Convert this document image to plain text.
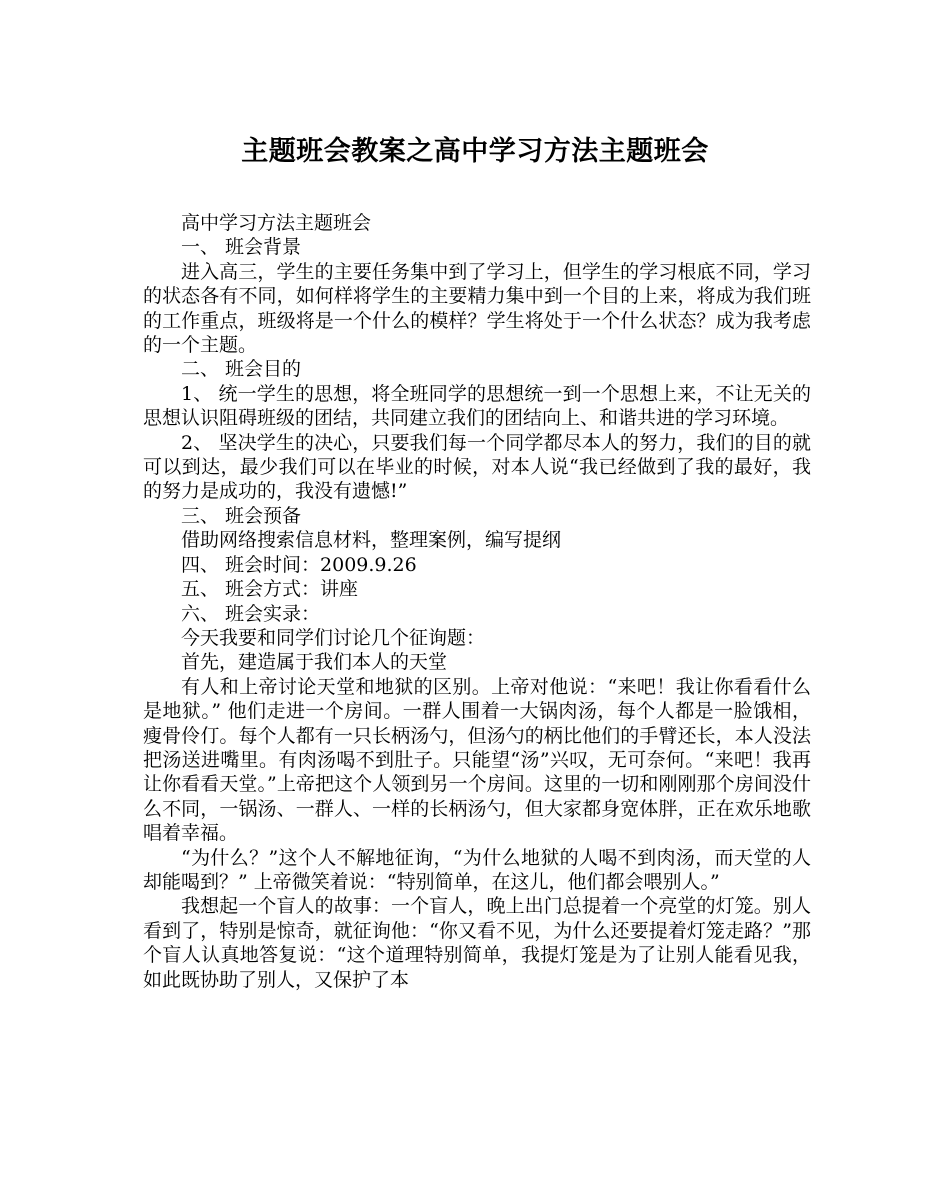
主题班会教案之高中学习方法主题班会

高中学习方法主题班会

一、 班会背景

进入高三，学生的主要任务集中到了学习上，但学生的学习根底不同，学习的状态各有不同，如何样将学生的主要精力集中到一个目的上来，将成为我们班的工作重点，班级将是一个什么的模样？学生将处于一个什么状态？成为我考虑的一个主题。

二、 班会目的

1、 统一学生的思想，将全班同学的思想统一到一个思想上来，不让无关的思想认识阻碍班级的团结，共同建立我们的团结向上、和谐共进的学习环境。

2、 坚决学生的决心，只要我们每一个同学都尽本人的努力，我们的目的就可以到达，最少我们可以在毕业的时候，对本人说“我已经做到了我的最好，我的努力是成功的，我没有遗憾!”

三、 班会预备

借助网络搜索信息材料，整理案例，编写提纲

四、 班会时间：2009.9.26

五、 班会方式：讲座

六、 班会实录：

今天我要和同学们讨论几个征询题：

首先，建造属于我们本人的天堂

有人和上帝讨论天堂和地狱的区别。上帝对他说：“来吧！我让你看看什么是地狱。” 他们走进一个房间。一群人围着一大锅肉汤，每个人都是一脸饿相，瘦骨伶仃。每个人都有一只长柄汤勺，但汤勺的柄比他们的手臂还长，本人没法把汤送进嘴里。有肉汤喝不到肚子。只能望“汤”兴叹，无可奈何。“来吧！我再让你看看天堂。”上帝把这个人领到另一个房间。这里的一切和刚刚那个房间没什么不同，一锅汤、一群人、一样的长柄汤勺，但大家都身宽体胖，正在欢乐地歌唱着幸福。

“为什么？”这个人不解地征询，“为什么地狱的人喝不到肉汤，而天堂的人却能喝到？” 上帝微笑着说：“特别简单，在这儿，他们都会喂别人。”

我想起一个盲人的故事：一个盲人，晚上出门总提着一个亮堂的灯笼。别人看到了，特别是惊奇，就征询他：“你又看不见，为什么还要提着灯笼走路？”那个盲人认真地答复说：“这个道理特别简单，我提灯笼是为了让别人能看见我，如此既协助了别人，又保护了本
